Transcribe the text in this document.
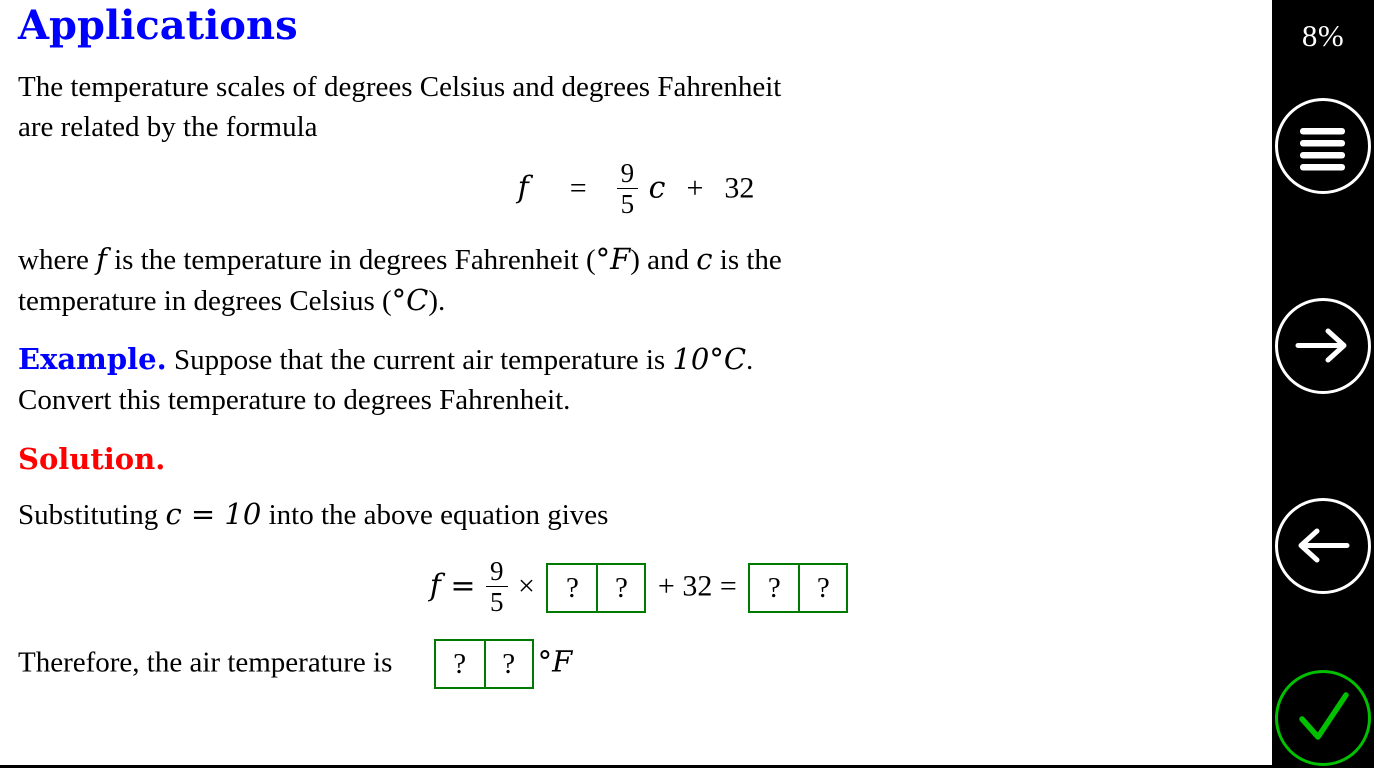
Applications

The temperature scales of degrees Celsius and degrees Fahrenheit
are related by the formula

$f = \frac{9}{5}$ c + 32

where f is the temperature in degrees Fahrenheit (°F) and c is the
temperature in degrees Celsius (°C).

Example. Suppose that the current air temperature is 10°C.
Convert this temperature to degrees Fahrenheit.

Solution.

Substituting c = 10 into the above equation gives

$f = \frac{9}{5}$ × ? ? + 32 = ? ?

Therefore, the air temperature is ? ? °F

8%
